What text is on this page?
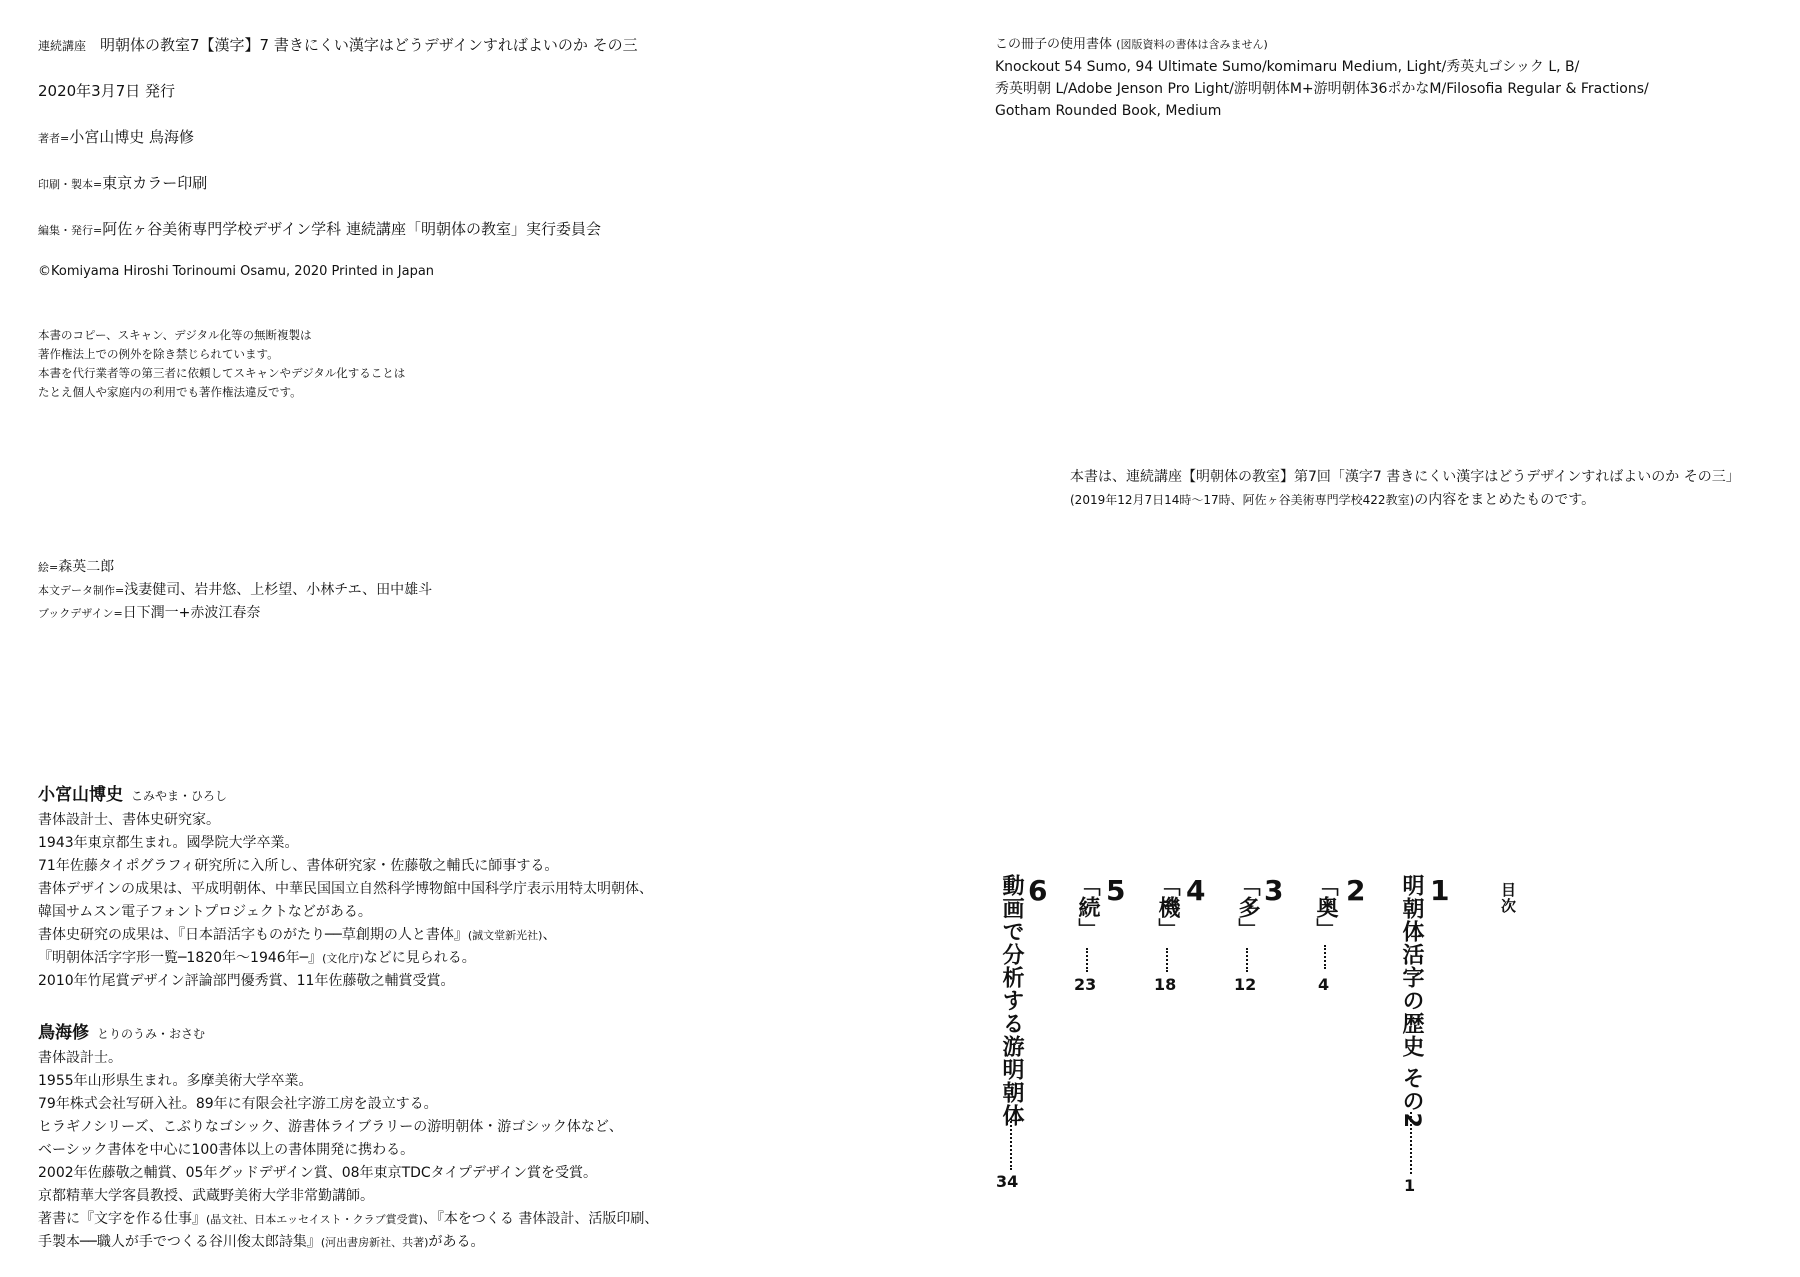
連続講座 明朝体の教室7【漢字】7 書きにくい漢字はどうデザインすればよいのか その三
2020年3月7日 発行
著者=小宮山博史 鳥海修
印刷・製本=東京カラー印刷
編集・発行=阿佐ヶ谷美術専門学校デザイン学科 連続講座「明朝体の教室」実行委員会
©Komiyama Hiroshi Torinoumi Osamu, 2020 Printed in Japan
本書のコピー、スキャン、デジタル化等の無断複製は
著作権法上での例外を除き禁じられています。
本書を代行業者等の第三者に依頼してスキャンやデジタル化することは
たとえ個人や家庭内の利用でも著作権法違反です。
絵=森英二郎
本文データ制作=浅妻健司、岩井悠、上杉望、小林チエ、田中雄斗
ブックデザイン=日下潤一+赤波江春奈
小宮山博史 こみやま・ひろし
書体設計士、書体史研究家。
1943年東京都生まれ。國學院大学卒業。
71年佐藤タイポグラフィ研究所に入所し、書体研究家・佐藤敬之輔氏に師事する。
書体デザインの成果は、平成明朝体、中華民国国立自然科学博物館中国科学庁表示用特太明朝体、
韓国サムスン電子フォントプロジェクトなどがある。
書体史研究の成果は、『日本語活字ものがたり──草創期の人と書体』(誠文堂新光社)、
『明朝体活字字形一覧─1820年〜1946年─』(文化庁)などに見られる。
2010年竹尾賞デザイン評論部門優秀賞、11年佐藤敬之輔賞受賞。
鳥海修 とりのうみ・おさむ
書体設計士。
1955年山形県生まれ。多摩美術大学卒業。
79年株式会社写研入社。89年に有限会社字游工房を設立する。
ヒラギノシリーズ、こぶりなゴシック、游書体ライブラリーの游明朝体・游ゴシック体など、
ベーシック書体を中心に100書体以上の書体開発に携わる。
2002年佐藤敬之輔賞、05年グッドデザイン賞、08年東京TDCタイプデザイン賞を受賞。
京都精華大学客員教授、武蔵野美術大学非常勤講師。
著書に『文字を作る仕事』(晶文社、日本エッセイスト・クラブ賞受賞)、『本をつくる 書体設計、活版印刷、
手製本──職人が手でつくる谷川俊太郎詩集』(河出書房新社、共著)がある。
この冊子の使用書体 (図版資料の書体は含みません)
Knockout 54 Sumo, 94 Ultimate Sumo/komimaru Medium, Light/秀英丸ゴシック L, B/
秀英明朝 L/Adobe Jenson Pro Light/游明朝体M+游明朝体36ポかなM/Filosofia Regular & Fractions/
Gotham Rounded Book, Medium
本書は、連続講座【明朝体の教室】第7回「漢字7 書きにくい漢字はどうデザインすればよいのか その三」
(2019年12月7日14時〜17時、阿佐ヶ谷美術専門学校422教室)の内容をまとめたものです。
目次
1
明朝体活字の歴史 その2
1
2
「奥」
4
3
「多」
12
4
「機」
18
5
「続」
23
6
動画で分析する游明朝体
34
